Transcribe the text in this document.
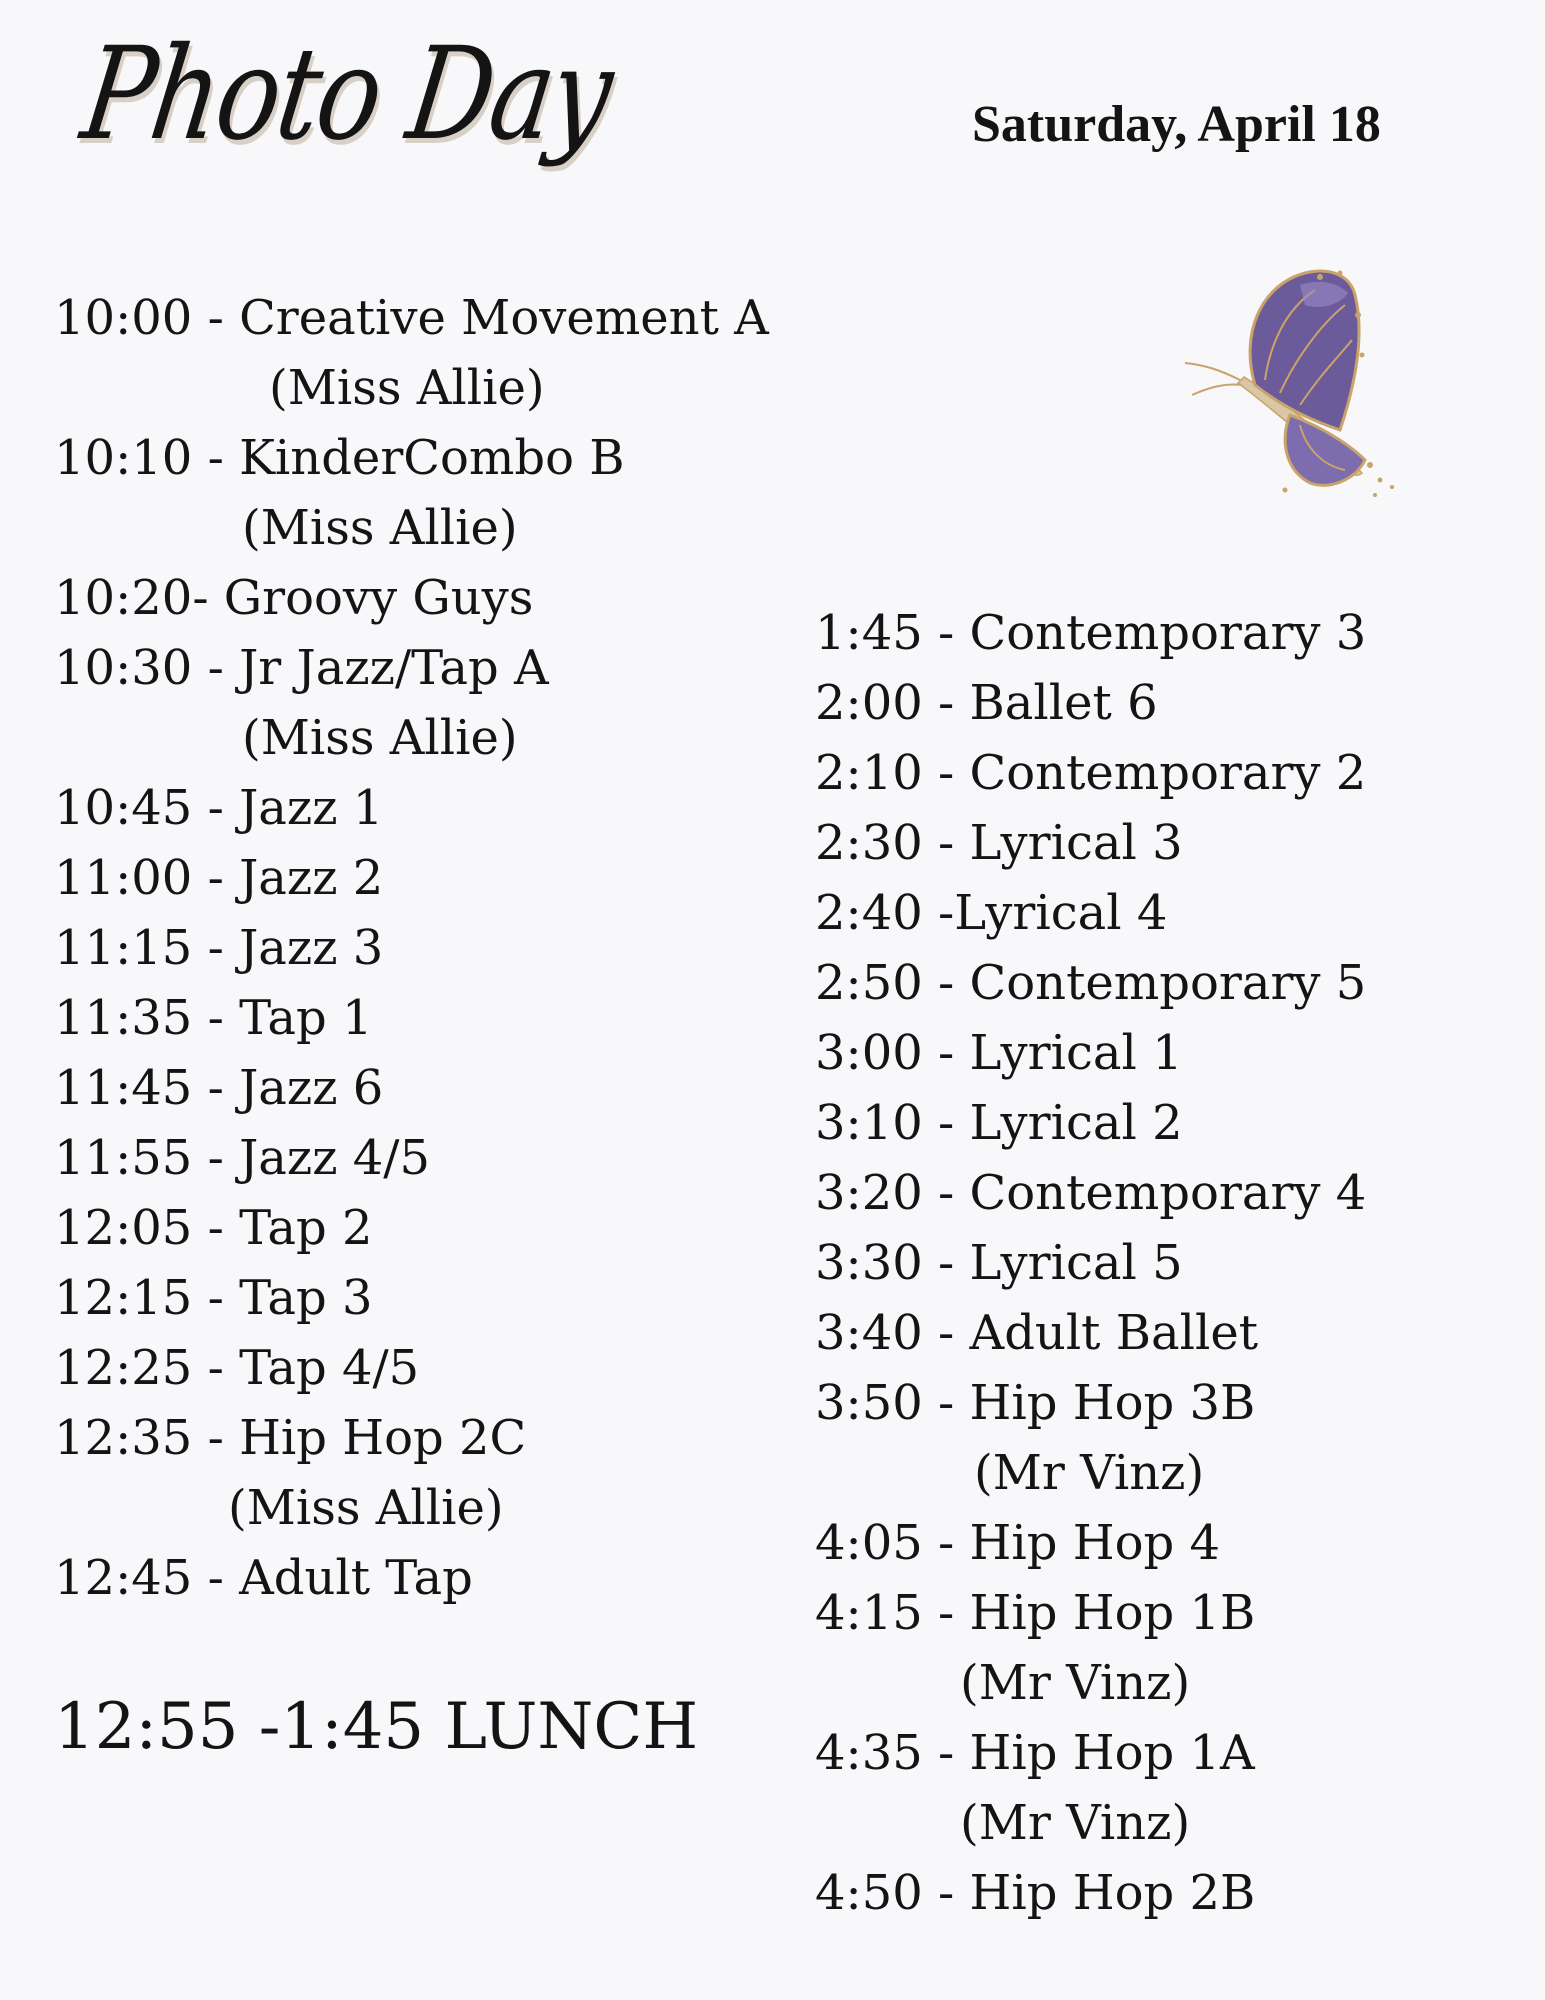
Photo Day	Saturday, April 18
10:00 - Creative Movement A
(Miss Allie)
10:10 - KinderCombo B
(Miss Allie)
10:20- Groovy Guys
10:30 - Jr Jazz/Tap A
(Miss Allie)
10:45 - Jazz 1
11:00 - Jazz 2
11:15 - Jazz 3
11:35 - Tap 1
11:45 - Jazz 6
11:55 - Jazz 4/5
12:05 - Tap 2
12:15 - Tap 3
12:25 - Tap 4/5
12:35 - Hip Hop 2C
(Miss Allie)
12:45 - Adult Tap
12:55 -1:45 LUNCH
1:45 - Contemporary 3
2:00 - Ballet 6
2:10 - Contemporary 2
2:30 - Lyrical 3
2:40 -Lyrical 4
2:50 - Contemporary 5
3:00 - Lyrical 1
3:10 - Lyrical 2
3:20 - Contemporary 4
3:30 - Lyrical 5
3:40 - Adult Ballet
3:50 - Hip Hop 3B
(Mr Vinz)
4:05 - Hip Hop 4
4:15 - Hip Hop 1B
(Mr Vinz)
4:35 - Hip Hop 1A
(Mr Vinz)
4:50 - Hip Hop 2B
